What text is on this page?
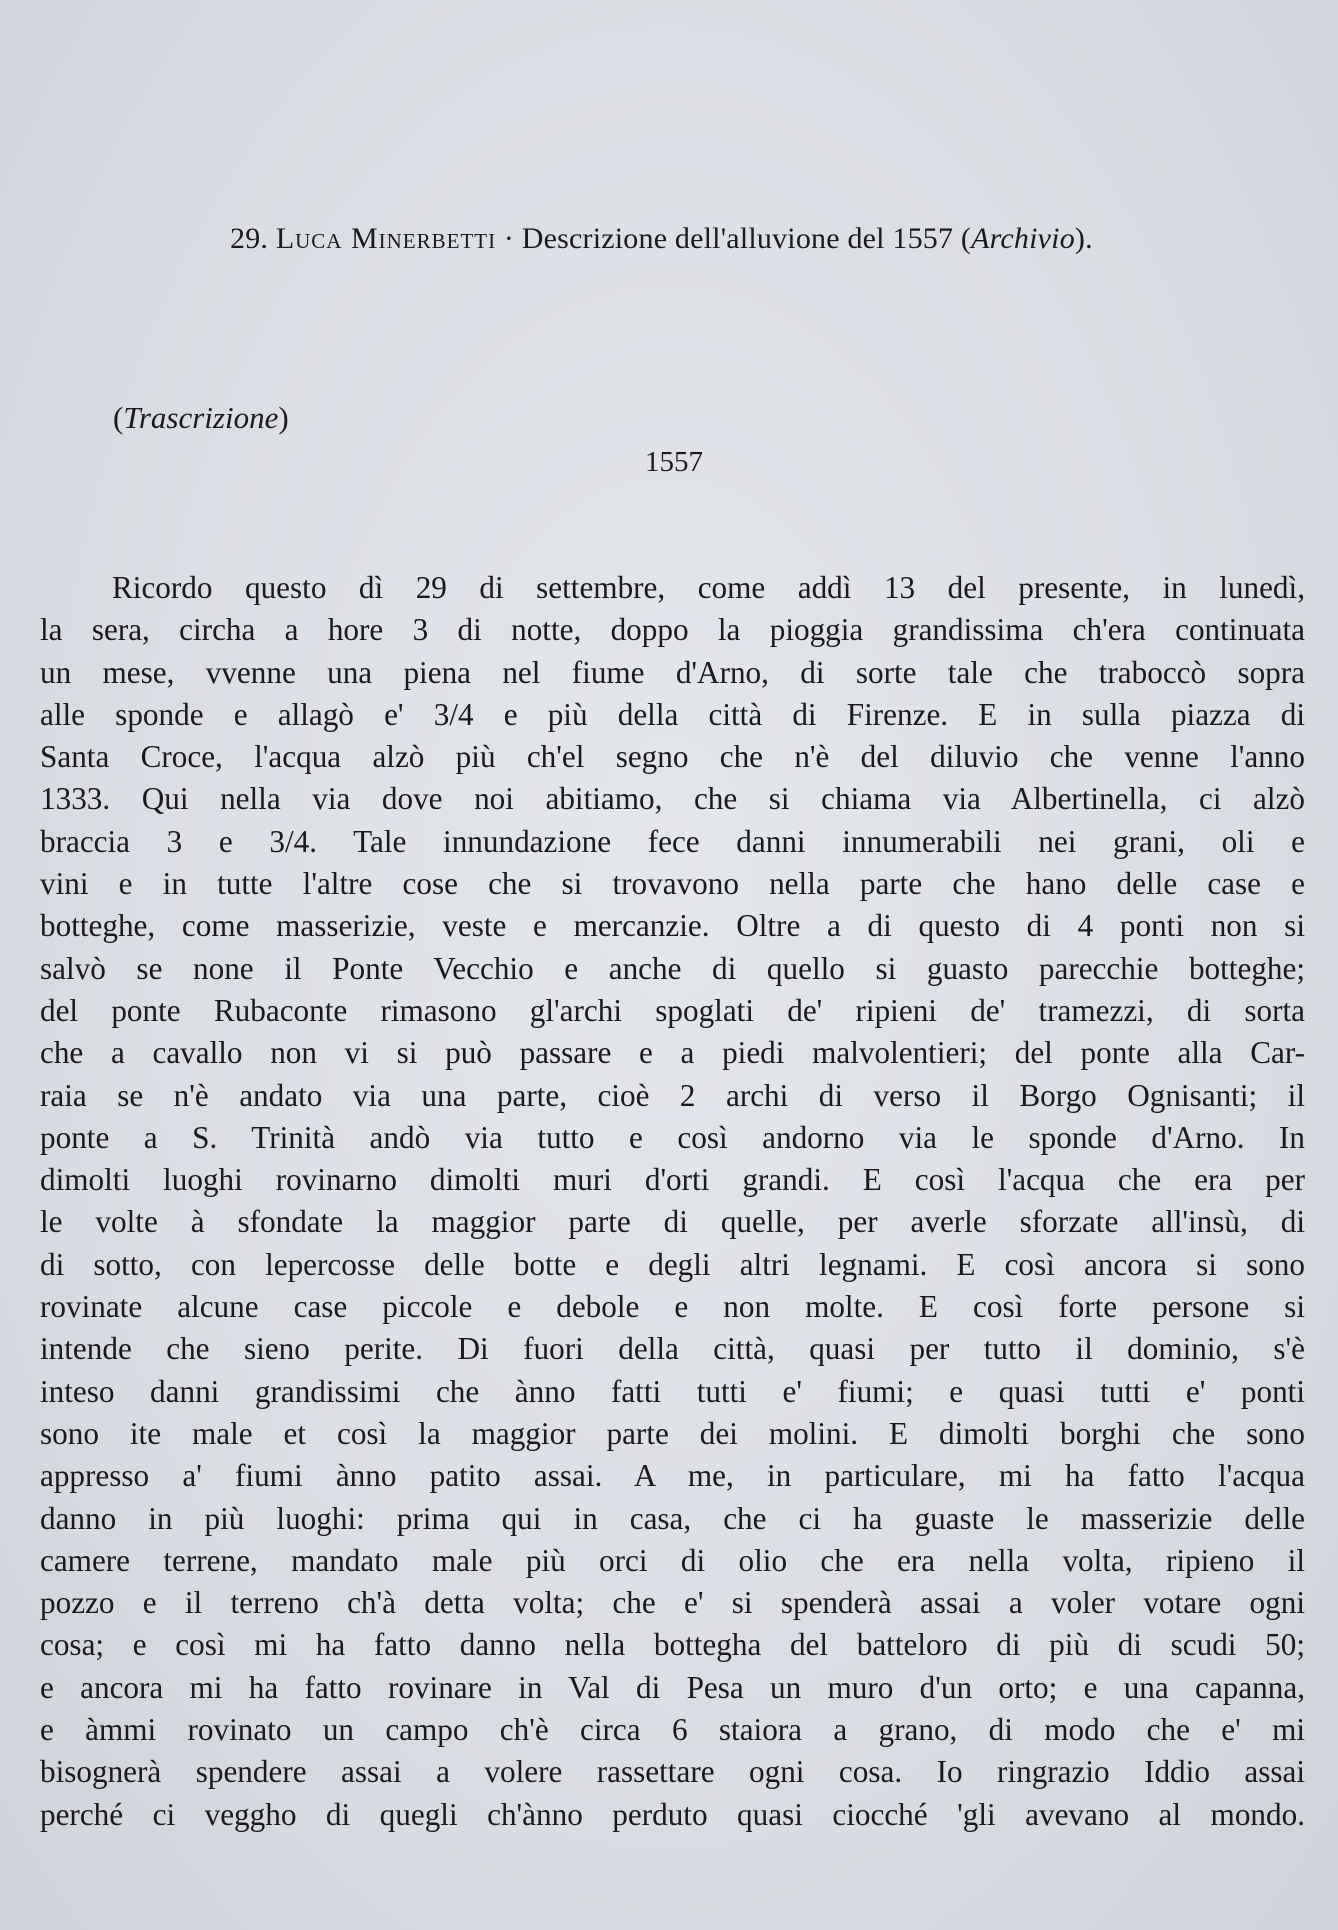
29. Luca Minerbetti · Descrizione dell'alluvione del 1557 (Archivio).
(Trascrizione)
1557
Ricordo questo dì 29 di settembre, come addì 13 del presente, in lunedì,
la sera, circha a hore 3 di notte, doppo la pioggia grandissima ch'era continuata
un mese, vvenne una piena nel fiume d'Arno, di sorte tale che traboccò sopra
alle sponde e allagò e' 3/4 e più della città di Firenze. E in sulla piazza di
Santa Croce, l'acqua alzò più ch'el segno che n'è del diluvio che venne l'anno
1333. Qui nella via dove noi abitiamo, che si chiama via Albertinella, ci alzò
braccia 3 e 3/4. Tale innundazione fece danni innumerabili nei grani, oli e
vini e in tutte l'altre cose che si trovavono nella parte che hano delle case e
botteghe, come masserizie, veste e mercanzie. Oltre a di questo di 4 ponti non si
salvò se none il Ponte Vecchio e anche di quello si guasto parecchie botteghe;
del ponte Rubaconte rimasono gl'archi spoglati de' ripieni de' tramezzi, di sorta
che a cavallo non vi si può passare e a piedi malvolentieri; del ponte alla Car-
raia se n'è andato via una parte, cioè 2 archi di verso il Borgo Ognisanti; il
ponte a S. Trinità andò via tutto e così andorno via le sponde d'Arno. In
dimolti luoghi rovinarno dimolti muri d'orti grandi. E così l'acqua che era per
le volte à sfondate la maggior parte di quelle, per averle sforzate all'insù, di
di sotto, con lepercosse delle botte e degli altri legnami. E così ancora si sono
rovinate alcune case piccole e debole e non molte. E così forte persone si
intende che sieno perite. Di fuori della città, quasi per tutto il dominio, s'è
inteso danni grandissimi che ànno fatti tutti e' fiumi; e quasi tutti e' ponti
sono ite male et così la maggior parte dei molini. E dimolti borghi che sono
appresso a' fiumi ànno patito assai. A me, in particulare, mi ha fatto l'acqua
danno in più luoghi: prima qui in casa, che ci ha guaste le masserizie delle
camere terrene, mandato male più orci di olio che era nella volta, ripieno il
pozzo e il terreno ch'à detta volta; che e' si spenderà assai a voler votare ogni
cosa; e così mi ha fatto danno nella bottegha del batteloro di più di scudi 50;
e ancora mi ha fatto rovinare in Val di Pesa un muro d'un orto; e una capanna,
e àmmi rovinato un campo ch'è circa 6 staiora a grano, di modo che e' mi
bisognerà spendere assai a volere rassettare ogni cosa. Io ringrazio Iddio assai
perché ci veggho di quegli ch'ànno perduto quasi ciocché 'gli avevano al mondo.
